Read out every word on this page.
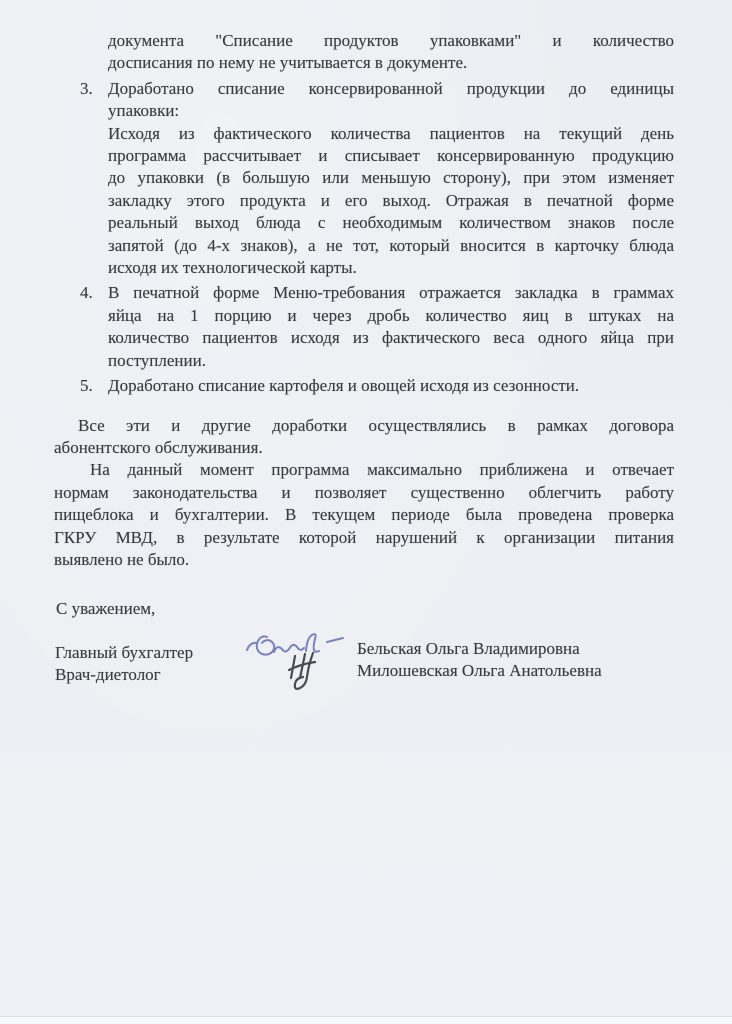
документа "Списание продуктов упаковками" и количество
досписания по нему не учитывается в документе.
3. Доработано списание консервированной продукции до единицы
упаковки:
Исходя из фактического количества пациентов на текущий день
программа рассчитывает и списывает консервированную продукцию
до упаковки (в большую или меньшую сторону), при этом изменяет
закладку этого продукта и его выход. Отражая в печатной форме
реальный выход блюда с необходимым количеством знаков после
запятой (до 4-х знаков), а не тот, который вносится в карточку блюда
исходя их технологической карты.
4. В печатной форме Меню-требования отражается закладка в граммах
яйца на 1 порцию и через дробь количество яиц в штуках на
количество пациентов исходя из фактического веса одного яйца при
поступлении.
5. Доработано списание картофеля и овощей исходя из сезонности.
Все эти и другие доработки осуществлялись в рамках договора
абонентского обслуживания.
На данный момент программа максимально приближена и отвечает
нормам законодательства и позволяет существенно облегчить работу
пищеблока и бухгалтерии. В текущем периоде была проведена проверка
ГКРУ МВД, в результате которой нарушений к организации питания
выявлено не было.
С уважением,
Главный бухгалтер
Врач-диетолог
Бельская Ольга Владимировна
Милошевская Ольга Анатольевна
